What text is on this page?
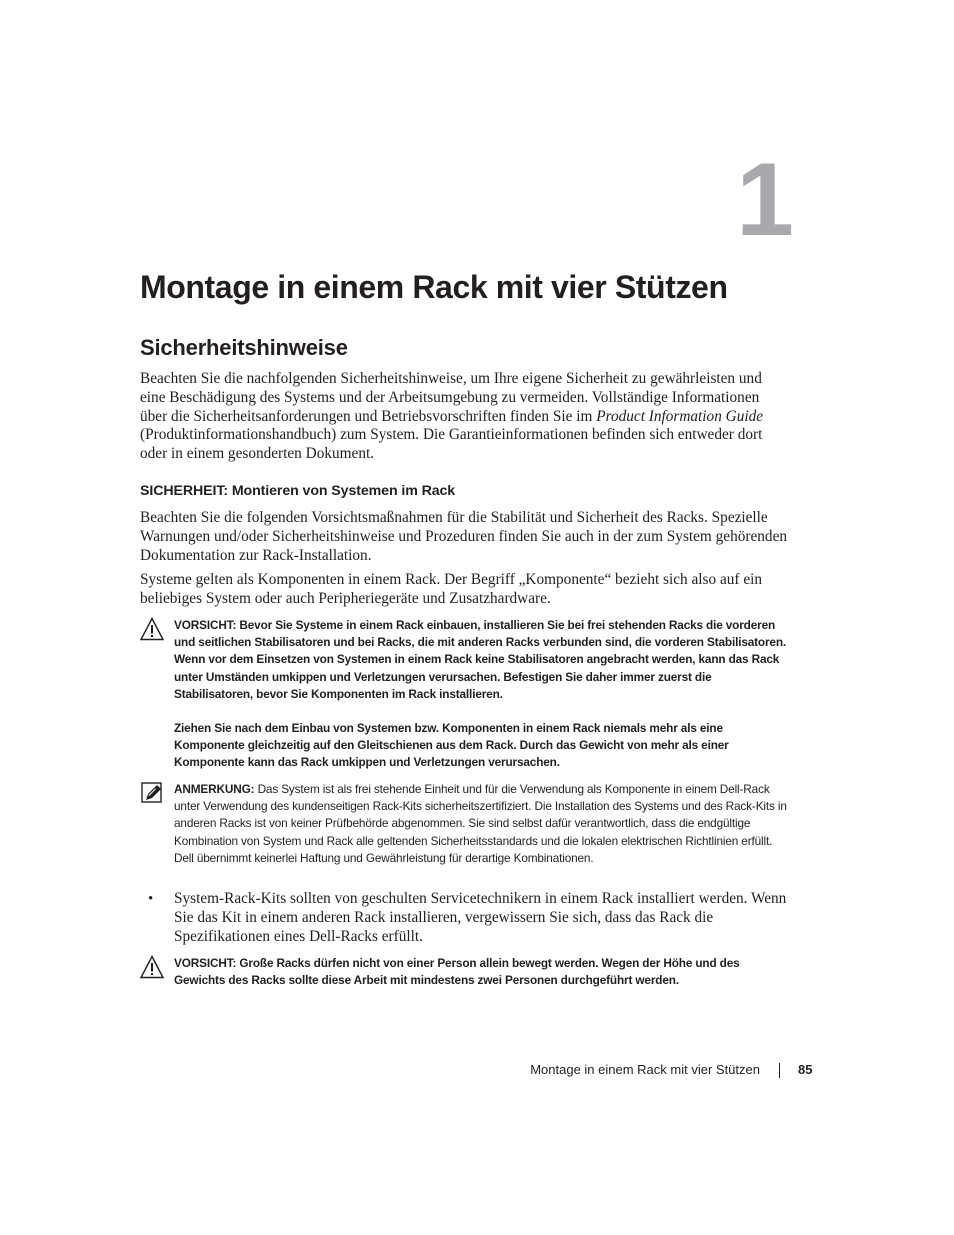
1
Montage in einem Rack mit vier Stützen
Sicherheitshinweise

Beachten Sie die nachfolgenden Sicherheitshinweise, um Ihre eigene Sicherheit zu gewährleisten und eine Beschädigung des Systems und der Arbeitsumgebung zu vermeiden. Vollständige Informationen über die Sicherheitsanforderungen und Betriebsvorschriften finden Sie im Product Information Guide (Produktinformationshandbuch) zum System. Die Garantieinformationen befinden sich entweder dort oder in einem gesonderten Dokument.

SICHERHEIT: Montieren von Systemen im Rack

Beachten Sie die folgenden Vorsichtsmaßnahmen für die Stabilität und Sicherheit des Racks. Spezielle Warnungen und/oder Sicherheitshinweise und Prozeduren finden Sie auch in der zum System gehörenden Dokumentation zur Rack-Installation.

Systeme gelten als Komponenten in einem Rack. Der Begriff „Komponente“ bezieht sich also auf ein beliebiges System oder auch Peripheriegeräte und Zusatzhardware.

VORSICHT: Bevor Sie Systeme in einem Rack einbauen, installieren Sie bei frei stehenden Racks die vorderen und seitlichen Stabilisatoren und bei Racks, die mit anderen Racks verbunden sind, die vorderen Stabilisatoren. Wenn vor dem Einsetzen von Systemen in einem Rack keine Stabilisatoren angebracht werden, kann das Rack unter Umständen umkippen und Verletzungen verursachen. Befestigen Sie daher immer zuerst die Stabilisatoren, bevor Sie Komponenten im Rack installieren.
Ziehen Sie nach dem Einbau von Systemen bzw. Komponenten in einem Rack niemals mehr als eine Komponente gleichzeitig auf den Gleitschienen aus dem Rack. Durch das Gewicht von mehr als einer Komponente kann das Rack umkippen und Verletzungen verursachen.
ANMERKUNG: Das System ist als frei stehende Einheit und für die Verwendung als Komponente in einem Dell-Rack unter Verwendung des kundenseitigen Rack-Kits sicherheitszertifiziert. Die Installation des Systems und des Rack-Kits in anderen Racks ist von keiner Prüfbehörde abgenommen. Sie sind selbst dafür verantwortlich, dass die endgültige Kombination von System und Rack alle geltenden Sicherheitsstandards und die lokalen elektrischen Richtlinien erfüllt. Dell übernimmt keinerlei Haftung und Gewährleistung für derartige Kombinationen.
• System-Rack-Kits sollten von geschulten Servicetechnikern in einem Rack installiert werden. Wenn Sie das Kit in einem anderen Rack installieren, vergewissern Sie sich, dass das Rack die Spezifikationen eines Dell-Racks erfüllt.
VORSICHT: Große Racks dürfen nicht von einer Person allein bewegt werden. Wegen der Höhe und des Gewichts des Racks sollte diese Arbeit mit mindestens zwei Personen durchgeführt werden.
Montage in einem Rack mit vier Stützen	85
